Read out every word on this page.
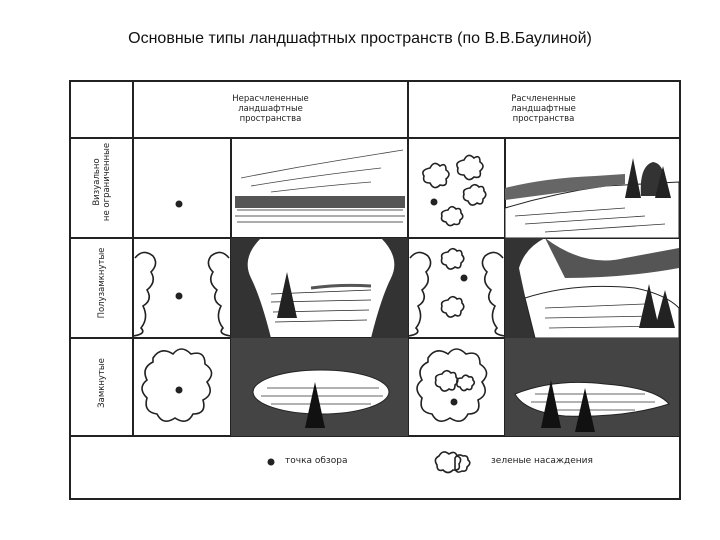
Основные типы ландшафтных пространств (по В.В.Баулиной)
Нерасчлененные
ландшафтные
пространства
Расчлененные
ландшафтные
пространства
Визуально не ограниченные
Полузамкнутые
Замкнутые
точка обзора	зеленые насаждения
